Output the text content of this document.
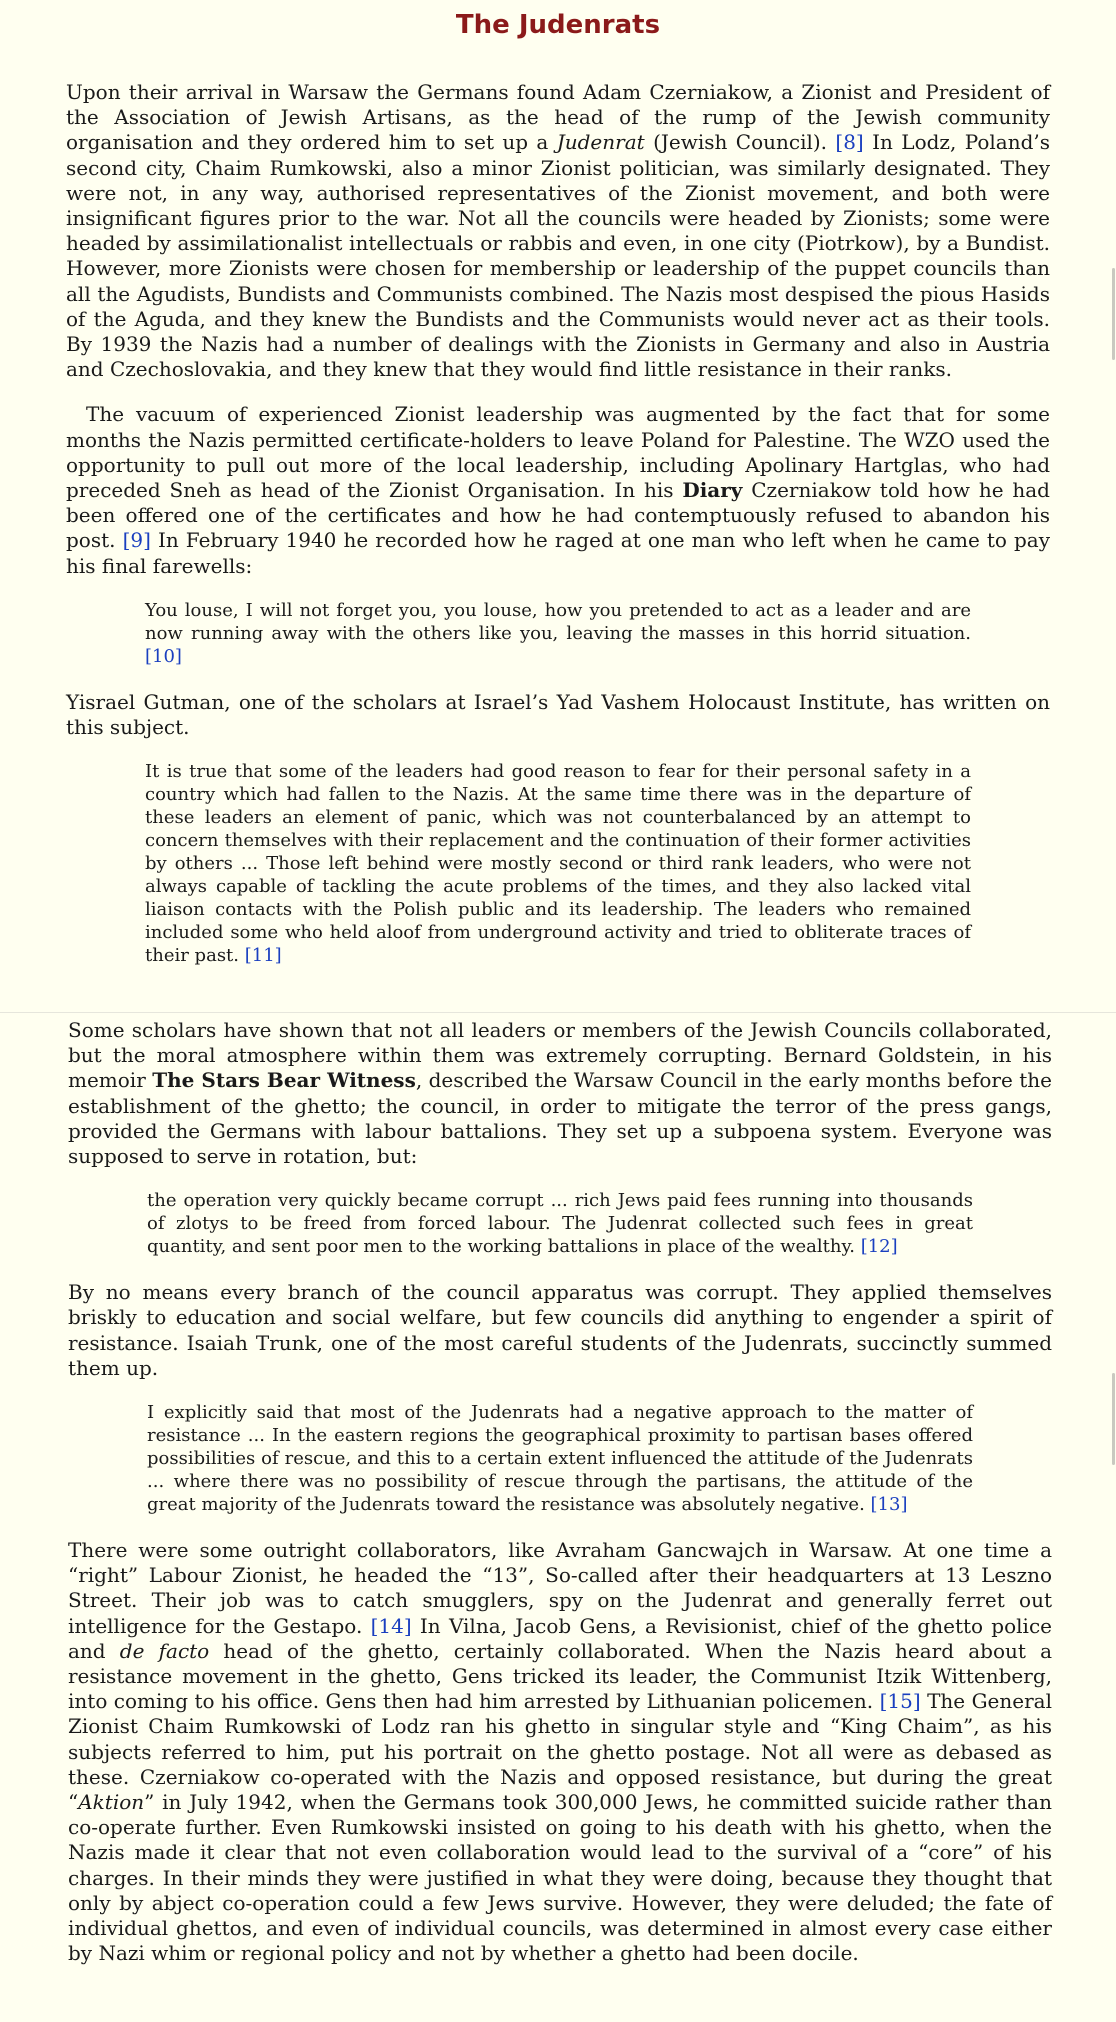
The Judenrats

Upon their arrival in Warsaw the Germans found Adam Czerniakow, a Zionist and President of the Association of Jewish Artisans, as the head of the rump of the Jewish community organisation and they ordered him to set up a Judenrat (Jewish Council). [8] In Lodz, Poland’s second city, Chaim Rumkowski, also a minor Zionist politician, was similarly designated. They were not, in any way, authorised representatives of the Zionist movement, and both were insignificant figures prior to the war. Not all the councils were headed by Zionists; some were headed by assimilationalist intellectuals or rabbis and even, in one city (Piotrkow), by a Bundist. However, more Zionists were chosen for membership or leadership of the puppet councils than all the Agudists, Bundists and Communists combined. The Nazis most despised the pious Hasids of the Aguda, and they knew the Bundists and the Communists would never act as their tools. By 1939 the Nazis had a number of dealings with the Zionists in Germany and also in Austria and Czechoslovakia, and they knew that they would find little resistance in their ranks.

The vacuum of experienced Zionist leadership was augmented by the fact that for some months the Nazis permitted certificate-holders to leave Poland for Palestine. The WZO used the opportunity to pull out more of the local leadership, including Apolinary Hartglas, who had preceded Sneh as head of the Zionist Organisation. In his Diary Czerniakow told how he had been offered one of the certificates and how he had contemptuously refused to abandon his post. [9] In February 1940 he recorded how he raged at one man who left when he came to pay his final farewells:

You louse, I will not forget you, you louse, how you pretended to act as a leader and are now running away with the others like you, leaving the masses in this horrid situation. [10]

Yisrael Gutman, one of the scholars at Israel’s Yad Vashem Holocaust Institute, has written on this subject.

It is true that some of the leaders had good reason to fear for their personal safety in a country which had fallen to the Nazis. At the same time there was in the departure of these leaders an element of panic, which was not counterbalanced by an attempt to concern themselves with their replacement and the continuation of their former activities by others ... Those left behind were mostly second or third rank leaders, who were not always capable of tackling the acute problems of the times, and they also lacked vital liaison contacts with the Polish public and its leadership. The leaders who remained included some who held aloof from underground activity and tried to obliterate traces of their past. [11]

Some scholars have shown that not all leaders or members of the Jewish Councils collaborated, but the moral atmosphere within them was extremely corrupting. Bernard Goldstein, in his memoir The Stars Bear Witness, described the Warsaw Council in the early months before the establishment of the ghetto; the council, in order to mitigate the terror of the press gangs, provided the Germans with labour battalions. They set up a subpoena system. Everyone was supposed to serve in rotation, but:

the operation very quickly became corrupt ... rich Jews paid fees running into thousands of zlotys to be freed from forced labour. The Judenrat collected such fees in great quantity, and sent poor men to the working battalions in place of the wealthy. [12]

By no means every branch of the council apparatus was corrupt. They applied themselves briskly to education and social welfare, but few councils did anything to engender a spirit of resistance. Isaiah Trunk, one of the most careful students of the Judenrats, succinctly summed them up.

I explicitly said that most of the Judenrats had a negative approach to the matter of resistance ... In the eastern regions the geographical proximity to partisan bases offered possibilities of rescue, and this to a certain extent influenced the attitude of the Judenrats ... where there was no possibility of rescue through the partisans, the attitude of the great majority of the Judenrats toward the resistance was absolutely negative. [13]

There were some outright collaborators, like Avraham Gancwajch in Warsaw. At one time a “right” Labour Zionist, he headed the “13”, So-called after their headquarters at 13 Leszno Street. Their job was to catch smugglers, spy on the Judenrat and generally ferret out intelligence for the Gestapo. [14] In Vilna, Jacob Gens, a Revisionist, chief of the ghetto police and de facto head of the ghetto, certainly collaborated. When the Nazis heard about a resistance movement in the ghetto, Gens tricked its leader, the Communist Itzik Wittenberg, into coming to his office. Gens then had him arrested by Lithuanian policemen. [15] The General Zionist Chaim Rumkowski of Lodz ran his ghetto in singular style and “King Chaim”, as his subjects referred to him, put his portrait on the ghetto postage. Not all were as debased as these. Czerniakow co-operated with the Nazis and opposed resistance, but during the great “Aktion” in July 1942, when the Germans took 300,000 Jews, he committed suicide rather than co-operate further. Even Rumkowski insisted on going to his death with his ghetto, when the Nazis made it clear that not even collaboration would lead to the survival of a “core” of his charges. In their minds they were justified in what they were doing, because they thought that only by abject co-operation could a few Jews survive. However, they were deluded; the fate of individual ghettos, and even of individual councils, was determined in almost every case either by Nazi whim or regional policy and not by whether a ghetto had been docile.
